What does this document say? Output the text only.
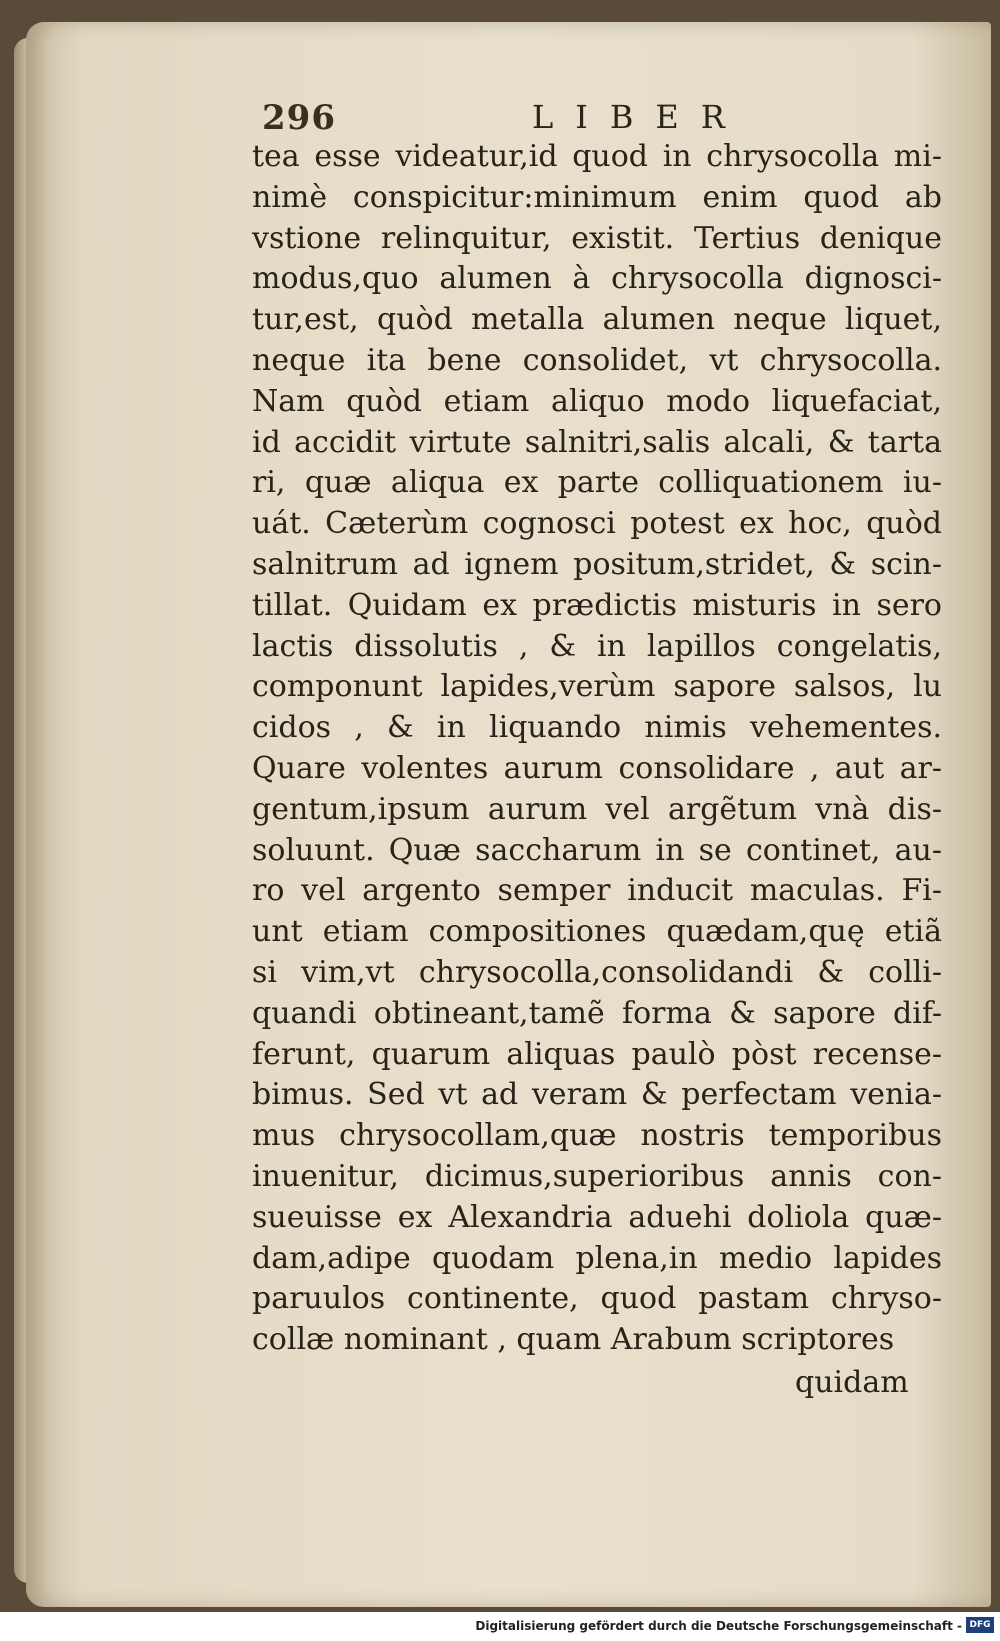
296	LIBER
tea esse videatur,id quod in chrysocolla mi-
nimè conspicitur:minimum enim quod ab
vstione relinquitur, existit. Tertius denique
modus,quo alumen à chrysocolla dignosci-
tur,est, quòd metalla alumen neque liquet,
neque ita bene consolidet, vt chrysocolla.
Nam quòd etiam aliquo modo liquefaciat,
id accidit virtute salnitri,salis alcali, & tarta
ri, quæ aliqua ex parte colliquationem iu-
uát. Cæterùm cognosci potest ex hoc, quòd
salnitrum ad ignem positum,stridet, & scin-
tillat. Quidam ex prædictis misturis in sero
lactis dissolutis , & in lapillos congelatis,
componunt lapides,verùm sapore salsos, lu
cidos , & in liquando nimis vehementes.
Quare volentes aurum consolidare , aut ar-
gentum,ipsum aurum vel argẽtum vnà dis-
soluunt. Quæ saccharum in se continet, au-
ro vel argento semper inducit maculas. Fi-
unt etiam compositiones quædam,quę etiã
si vim,vt chrysocolla,consolidandi & colli-
quandi obtineant,tamẽ forma & sapore dif-
ferunt, quarum aliquas paulò pòst recense-
bimus. Sed vt ad veram & perfectam venia-
mus chrysocollam,quæ nostris temporibus
inuenitur, dicimus,superioribus annis con-
sueuisse ex Alexandria aduehi doliola quæ-
dam,adipe quodam plena,in medio lapides
paruulos continente, quod pastam chryso-
collæ nominant , quam Arabum scriptores
quidam
Digitalisierung gefördert durch die Deutsche Forschungsgemeinschaft - DFG
